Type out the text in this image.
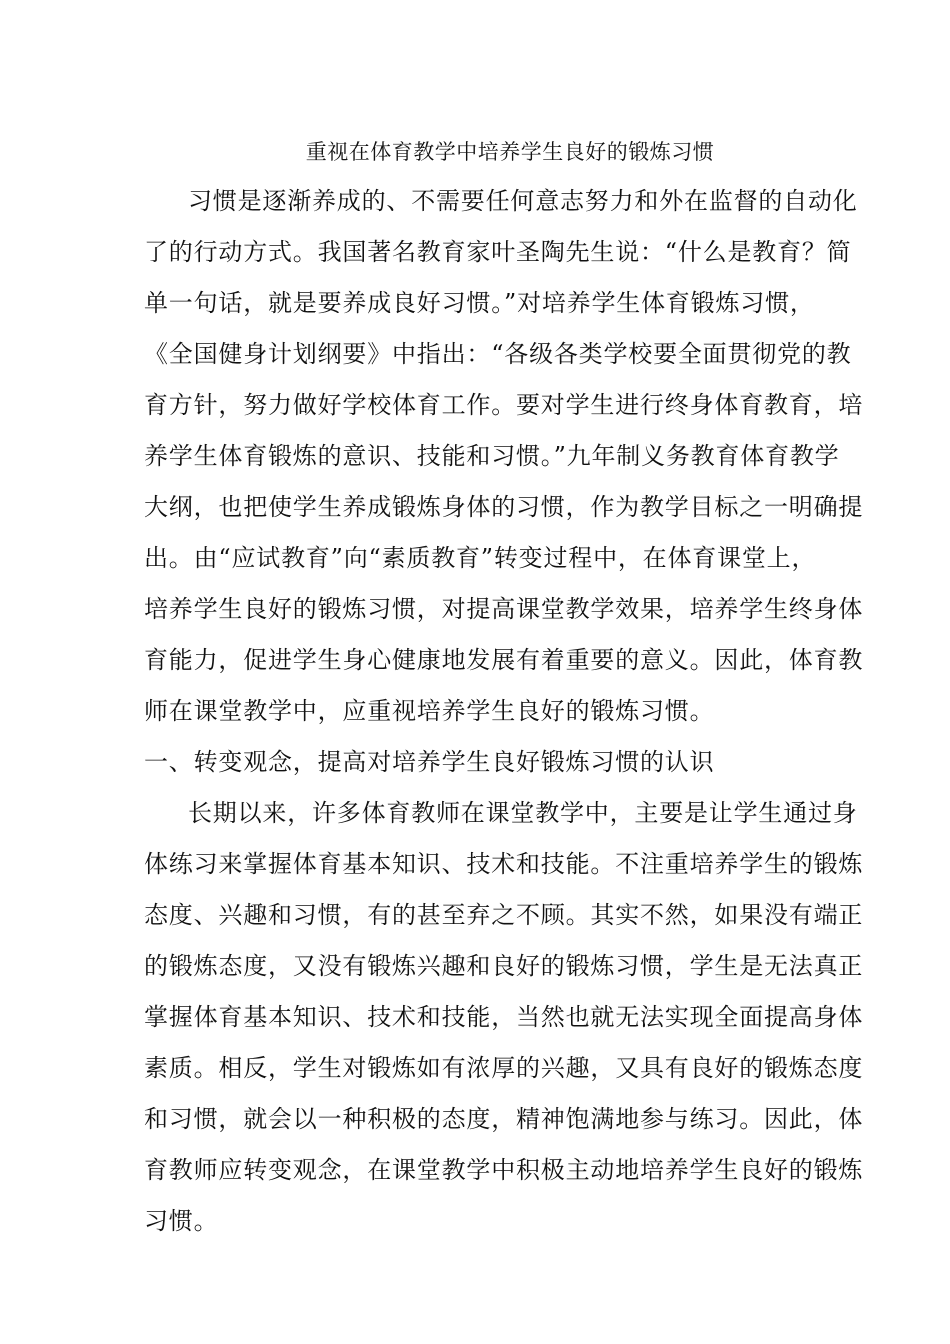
重视在体育教学中培养学生良好的锻炼习惯

习惯是逐渐养成的、不需要任何意志努力和外在监督的自动化

了的行动方式。我国著名教育家叶圣陶先生说：“什么是教育？简

单一句话，就是要养成良好习惯。”对培养学生体育锻炼习惯，

《全国健身计划纲要》中指出：“各级各类学校要全面贯彻党的教

育方针，努力做好学校体育工作。要对学生进行终身体育教育，培

养学生体育锻炼的意识、技能和习惯。”九年制义务教育体育教学

大纲，也把使学生养成锻炼身体的习惯，作为教学目标之一明确提

出。由“应试教育”向“素质教育”转变过程中，在体育课堂上，

培养学生良好的锻炼习惯，对提高课堂教学效果，培养学生终身体

育能力，促进学生身心健康地发展有着重要的意义。因此，体育教

师在课堂教学中，应重视培养学生良好的锻炼习惯。

一、转变观念，提高对培养学生良好锻炼习惯的认识

长期以来，许多体育教师在课堂教学中，主要是让学生通过身

体练习来掌握体育基本知识、技术和技能。不注重培养学生的锻炼

态度、兴趣和习惯，有的甚至弃之不顾。其实不然，如果没有端正

的锻炼态度，又没有锻炼兴趣和良好的锻炼习惯，学生是无法真正

掌握体育基本知识、技术和技能，当然也就无法实现全面提高身体

素质。相反，学生对锻炼如有浓厚的兴趣，又具有良好的锻炼态度

和习惯，就会以一种积极的态度，精神饱满地参与练习。因此，体

育教师应转变观念，在课堂教学中积极主动地培养学生良好的锻炼

习惯。
